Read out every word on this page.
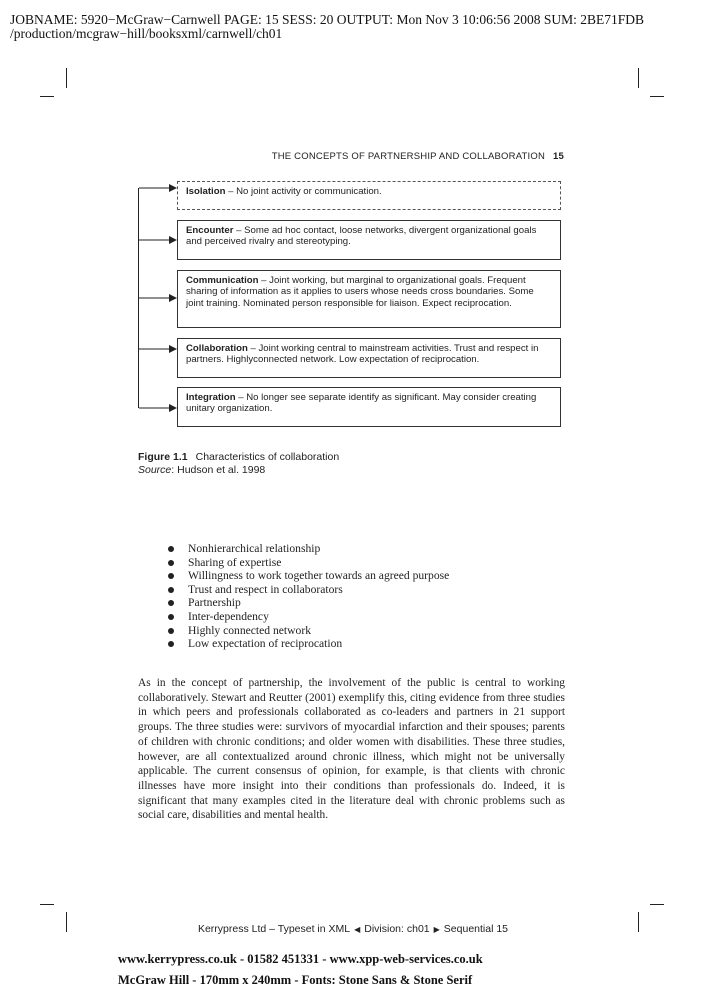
JOBNAME: 5920−McGraw−Carnwell PAGE: 15 SESS: 20 OUTPUT: Mon Nov 3 10:06:56 2008 SUM: 2BE71FDB
/production/mcgraw−hill/booksxml/carnwell/ch01
THE CONCEPTS OF PARTNERSHIP AND COLLABORATION 15
Isolation – No joint activity or communication.
Encounter – Some ad hoc contact, loose networks, divergent organizational goals and perceived rivalry and stereotyping.
Communication – Joint working, but marginal to organizational goals. Frequent sharing of information as it applies to users whose needs cross boundaries. Some joint training. Nominated person responsible for liaison. Expect reciprocation.
Collaboration – Joint working central to mainstream activities. Trust and respect in partners. Highlyconnected network. Low expectation of reciprocation.
Integration – No longer see separate identify as significant. May consider creating unitary organization.
Figure 1.1 Characteristics of collaboration
Source: Hudson et al. 1998
Nonhierarchical relationship
Sharing of expertise
Willingness to work together towards an agreed purpose
Trust and respect in collaborators
Partnership
Inter-dependency
Highly connected network
Low expectation of reciprocation
As in the concept of partnership, the involvement of the public is central to working collaboratively. Stewart and Reutter (2001) exemplify this, citing evidence from three studies in which peers and professionals collaborated as co-leaders and partners in 21 support groups. The three studies were: survivors of myocardial infarction and their spouses; parents of children with chronic conditions; and older women with disabilities. These three studies, however, are all contextualized around chronic illness, which might not be universally applicable. The current consensus of opinion, for example, is that clients with chronic illnesses have more insight into their conditions than professionals do. Indeed, it is significant that many examples cited in the literature deal with chronic problems such as social care, disabilities and mental health.
Kerrypress Ltd – Typeset in XML ◀ Division: ch01 ▶ Sequential 15
www.kerrypress.co.uk - 01582 451331 - www.xpp-web-services.co.uk
McGraw Hill - 170mm x 240mm - Fonts: Stone Sans & Stone Serif
